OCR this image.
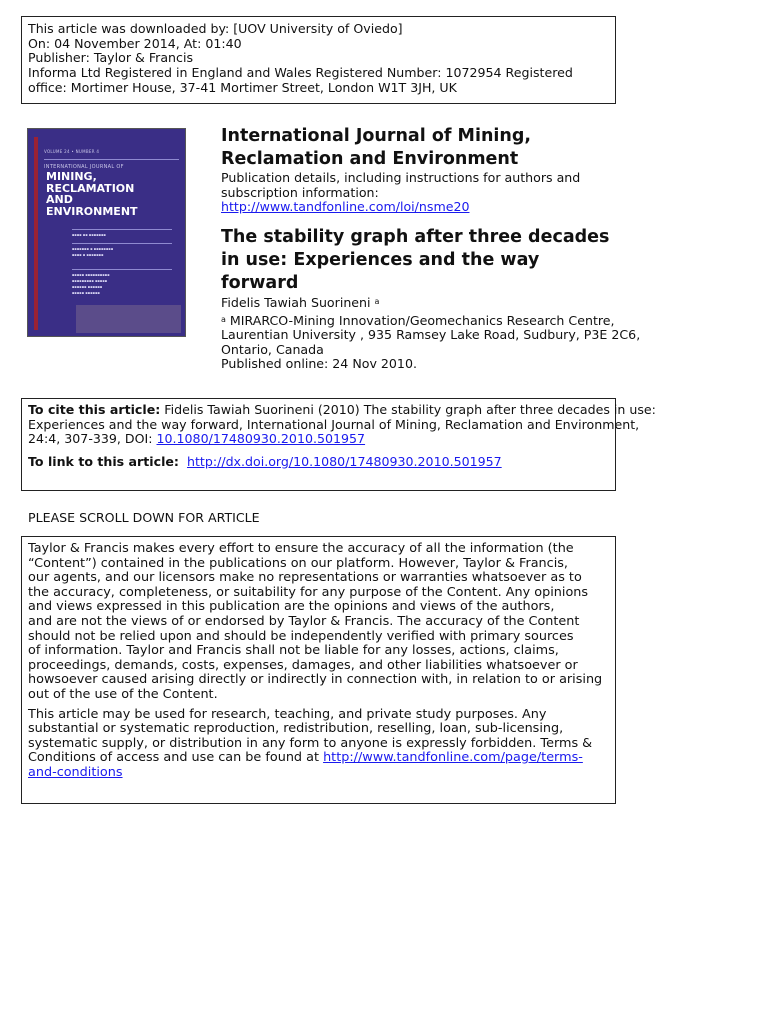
This article was downloaded by: [UOV University of Oviedo]
On: 04 November 2014, At: 01:40
Publisher: Taylor & Francis
Informa Ltd Registered in England and Wales Registered Number: 1072954 Registered
office: Mortimer House, 37-41 Mortimer Street, London W1T 3JH, UK
VOLUME 24 • NUMBER 4
INTERNATIONAL JOURNAL OF
MINING,
RECLAMATION
AND
ENVIRONMENT
▪▪▪▪ ▪▪ ▪▪▪▪▪▪▪
▪▪▪▪▪▪▪ ▪ ▪▪▪▪▪▪▪▪
▪▪▪▪ ▪ ▪▪▪▪▪▪▪
▪▪▪▪▪ ▪▪▪▪▪▪▪▪▪▪
▪▪▪▪▪▪▪▪▪ ▪▪▪▪▪
▪▪▪▪▪▪ ▪▪▪▪▪▪
▪▪▪▪▪ ▪▪▪▪▪▪
International Journal of Mining,
Reclamation and Environment
Publication details, including instructions for authors and
subscription information:
http://www.tandfonline.com/loi/nsme20
The stability graph after three decades
in use: Experiences and the way
forward
Fidelis Tawiah Suorineni $^a$
$^a$ MIRARCO-Mining Innovation/Geomechanics Research Centre,
Laurentian University , 935 Ramsey Lake Road, Sudbury, P3E 2C6,
Ontario, Canada
Published online: 24 Nov 2010.
To cite this article: Fidelis Tawiah Suorineni (2010) The stability graph after three decades in use:
Experiences and the way forward, International Journal of Mining, Reclamation and Environment,
24:4, 307-339, DOI: 10.1080/17480930.2010.501957
To link to this article: http://dx.doi.org/10.1080/17480930.2010.501957
PLEASE SCROLL DOWN FOR ARTICLE
Taylor & Francis makes every effort to ensure the accuracy of all the information (the
“Content”) contained in the publications on our platform. However, Taylor & Francis,
our agents, and our licensors make no representations or warranties whatsoever as to
the accuracy, completeness, or suitability for any purpose of the Content. Any opinions
and views expressed in this publication are the opinions and views of the authors,
and are not the views of or endorsed by Taylor & Francis. The accuracy of the Content
should not be relied upon and should be independently verified with primary sources
of information. Taylor and Francis shall not be liable for any losses, actions, claims,
proceedings, demands, costs, expenses, damages, and other liabilities whatsoever or
howsoever caused arising directly or indirectly in connection with, in relation to or arising
out of the use of the Content.
This article may be used for research, teaching, and private study purposes. Any
substantial or systematic reproduction, redistribution, reselling, loan, sub-licensing,
systematic supply, or distribution in any form to anyone is expressly forbidden. Terms &
Conditions of access and use can be found at http://www.tandfonline.com/page/terms-
and-conditions
